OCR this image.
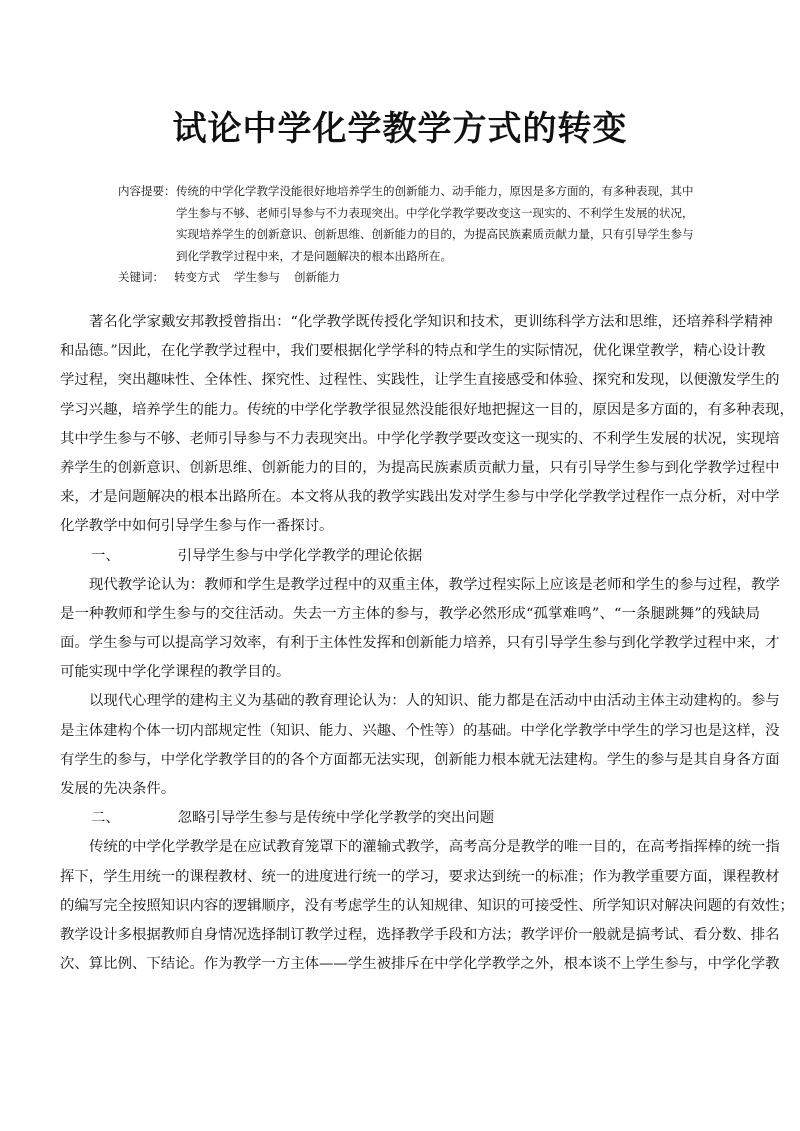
试论中学化学教学方式的转变
内容提要： 传统的中学化学教学没能很好地培养学生的创新能力、动手能力，原因是多方面的，有多种表现，其中
学生参与不够、老师引导参与不力表现突出。中学化学教学要改变这一现实的、不利学生发展的状况，
实现培养学生的创新意识、创新思维、创新能力的目的，为提高民族素质贡献力量，只有引导学生参与
到化学教学过程中来，才是问题解决的根本出路所在。
关键词： 转变方式 学生参与 创新能力
著名化学家戴安邦教授曾指出：“化学教学既传授化学知识和技术，更训练科学方法和思维，还培养科学精神
和品德。”因此，在化学教学过程中，我们要根据化学学科的特点和学生的实际情况，优化课堂教学，精心设计教
学过程，突出趣味性、全体性、探究性、过程性、实践性，让学生直接感受和体验、探究和发现，以便激发学生的
学习兴趣，培养学生的能力。传统的中学化学教学很显然没能很好地把握这一目的，原因是多方面的，有多种表现，
其中学生参与不够、老师引导参与不力表现突出。中学化学教学要改变这一现实的、不利学生发展的状况，实现培
养学生的创新意识、创新思维、创新能力的目的，为提高民族素质贡献力量，只有引导学生参与到化学教学过程中
来，才是问题解决的根本出路所在。本文将从我的教学实践出发对学生参与中学化学教学过程作一点分析，对中学
化学教学中如何引导学生参与作一番探讨。
一、	引导学生参与中学化学教学的理论依据
现代教学论认为：教师和学生是教学过程中的双重主体，教学过程实际上应该是老师和学生的参与过程，教学
是一种教师和学生参与的交往活动。失去一方主体的参与，教学必然形成“孤掌难鸣”、“一条腿跳舞”的残缺局
面。学生参与可以提高学习效率，有利于主体性发挥和创新能力培养，只有引导学生参与到化学教学过程中来，才
可能实现中学化学课程的教学目的。
以现代心理学的建构主义为基础的教育理论认为：人的知识、能力都是在活动中由活动主体主动建构的。参与
是主体建构个体一切内部规定性（知识、能力、兴趣、个性等）的基础。中学化学教学中学生的学习也是这样，没
有学生的参与，中学化学教学目的的各个方面都无法实现，创新能力根本就无法建构。学生的参与是其自身各方面
发展的先决条件。
二、	忽略引导学生参与是传统中学化学教学的突出问题
传统的中学化学教学是在应试教育笼罩下的灌输式教学，高考高分是教学的唯一目的，在高考指挥棒的统一指
挥下，学生用统一的课程教材、统一的进度进行统一的学习，要求达到统一的标准；作为教学重要方面，课程教材
的编写完全按照知识内容的逻辑顺序，没有考虑学生的认知规律、知识的可接受性、所学知识对解决问题的有效性；
教学设计多根据教师自身情况选择制订教学过程，选择教学手段和方法；教学评价一般就是搞考试、看分数、排名
次、算比例、下结论。作为教学一方主体——学生被排斥在中学化学教学之外，根本谈不上学生参与，中学化学教
